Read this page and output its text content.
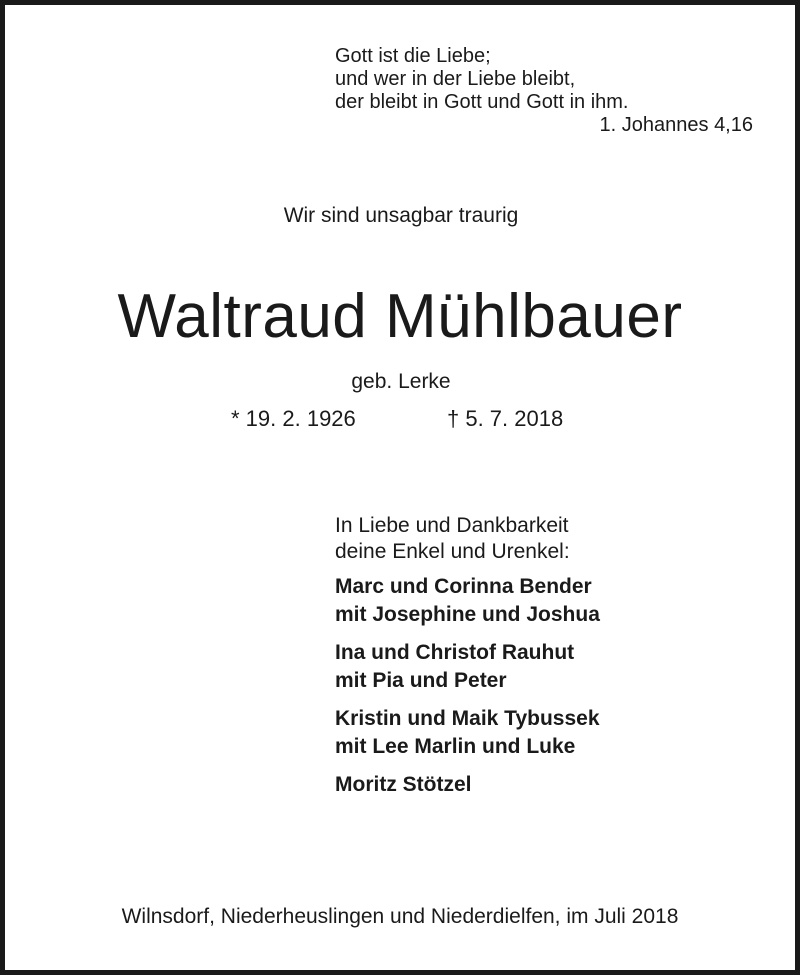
Gott ist die Liebe;
und wer in der Liebe bleibt,
der bleibt in Gott und Gott in ihm.
1. Johannes 4,16
Wir sind unsagbar traurig
Waltraud Mühlbauer
geb. Lerke
* 19. 2. 1926	† 5. 7. 2018
In Liebe und Dankbarkeit
deine Enkel und Urenkel:
Marc und Corinna Bender
mit Josephine und Joshua
Ina und Christof Rauhut
mit Pia und Peter
Kristin und Maik Tybussek
mit Lee Marlin und Luke
Moritz Stötzel
Wilnsdorf, Niederheuslingen und Niederdielfen, im Juli 2018
